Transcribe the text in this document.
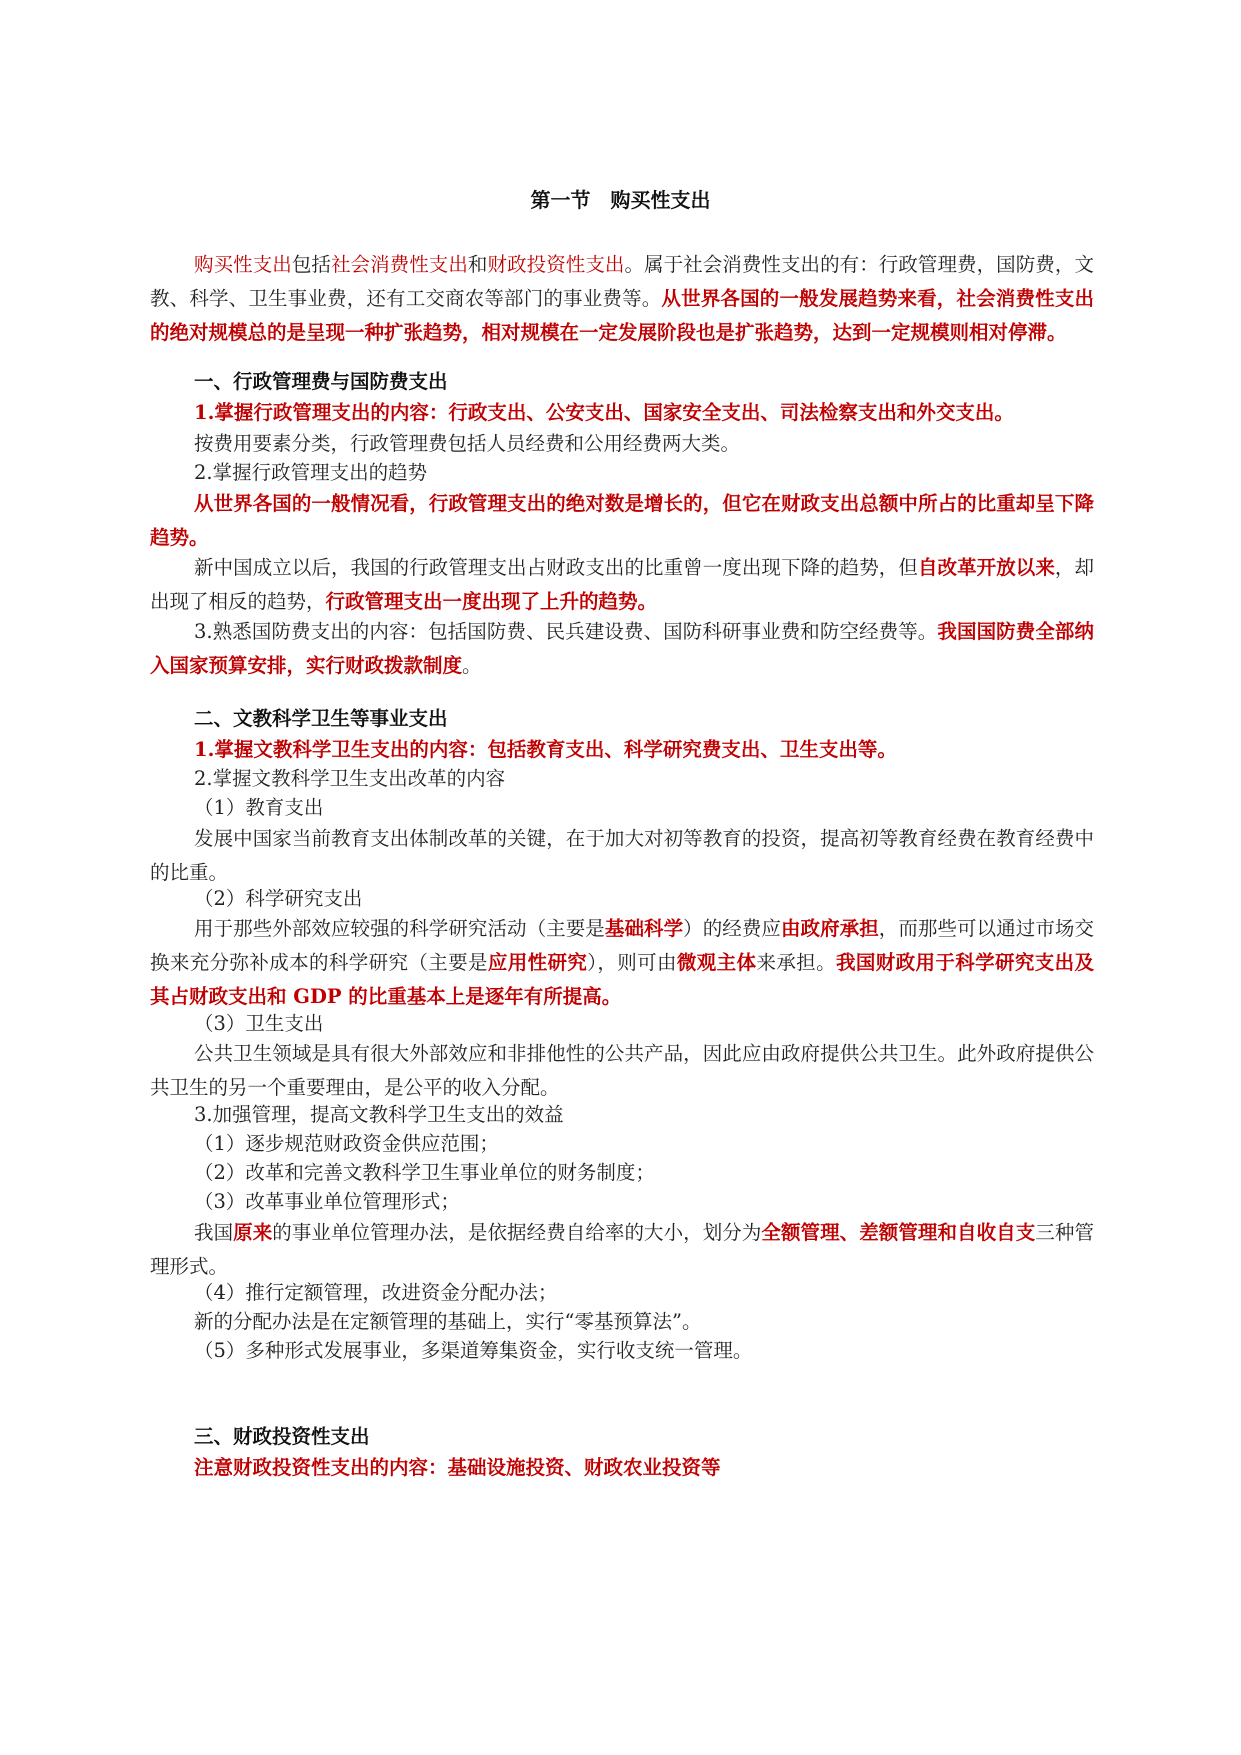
第一节　购买性支出

购买性支出包括社会消费性支出和财政投资性支出。属于社会消费性支出的有：行政管理费，国防费，文教、科学、卫生事业费，还有工交商农等部门的事业费等。从世界各国的一般发展趋势来看，社会消费性支出的绝对规模总的是呈现一种扩张趋势，相对规模在一定发展阶段也是扩张趋势，达到一定规模则相对停滞。

一、行政管理费与国防费支出

1.掌握行政管理支出的内容：行政支出、公安支出、国家安全支出、司法检察支出和外交支出。

按费用要素分类，行政管理费包括人员经费和公用经费两大类。

2.掌握行政管理支出的趋势

从世界各国的一般情况看，行政管理支出的绝对数是增长的，但它在财政支出总额中所占的比重却呈下降趋势。

新中国成立以后，我国的行政管理支出占财政支出的比重曾一度出现下降的趋势，但自改革开放以来，却出现了相反的趋势，行政管理支出一度出现了上升的趋势。

3.熟悉国防费支出的内容：包括国防费、民兵建设费、国防科研事业费和防空经费等。我国国防费全部纳入国家预算安排，实行财政拨款制度。

二、文教科学卫生等事业支出

1.掌握文教科学卫生支出的内容：包括教育支出、科学研究费支出、卫生支出等。

2.掌握文教科学卫生支出改革的内容

（1）教育支出

发展中国家当前教育支出体制改革的关键，在于加大对初等教育的投资，提高初等教育经费在教育经费中的比重。

（2）科学研究支出

用于那些外部效应较强的科学研究活动（主要是基础科学）的经费应由政府承担，而那些可以通过市场交换来充分弥补成本的科学研究（主要是应用性研究），则可由微观主体来承担。我国财政用于科学研究支出及其占财政支出和 GDP 的比重基本上是逐年有所提高。

（3）卫生支出

公共卫生领域是具有很大外部效应和非排他性的公共产品，因此应由政府提供公共卫生。此外政府提供公共卫生的另一个重要理由，是公平的收入分配。

3.加强管理，提高文教科学卫生支出的效益

（1）逐步规范财政资金供应范围；

（2）改革和完善文教科学卫生事业单位的财务制度；

（3）改革事业单位管理形式；

我国原来的事业单位管理办法，是依据经费自给率的大小，划分为全额管理、差额管理和自收自支三种管理形式。

（4）推行定额管理，改进资金分配办法；

新的分配办法是在定额管理的基础上，实行“零基预算法”。

（5）多种形式发展事业，多渠道筹集资金，实行收支统一管理。

三、财政投资性支出

注意财政投资性支出的内容：基础设施投资、财政农业投资等
